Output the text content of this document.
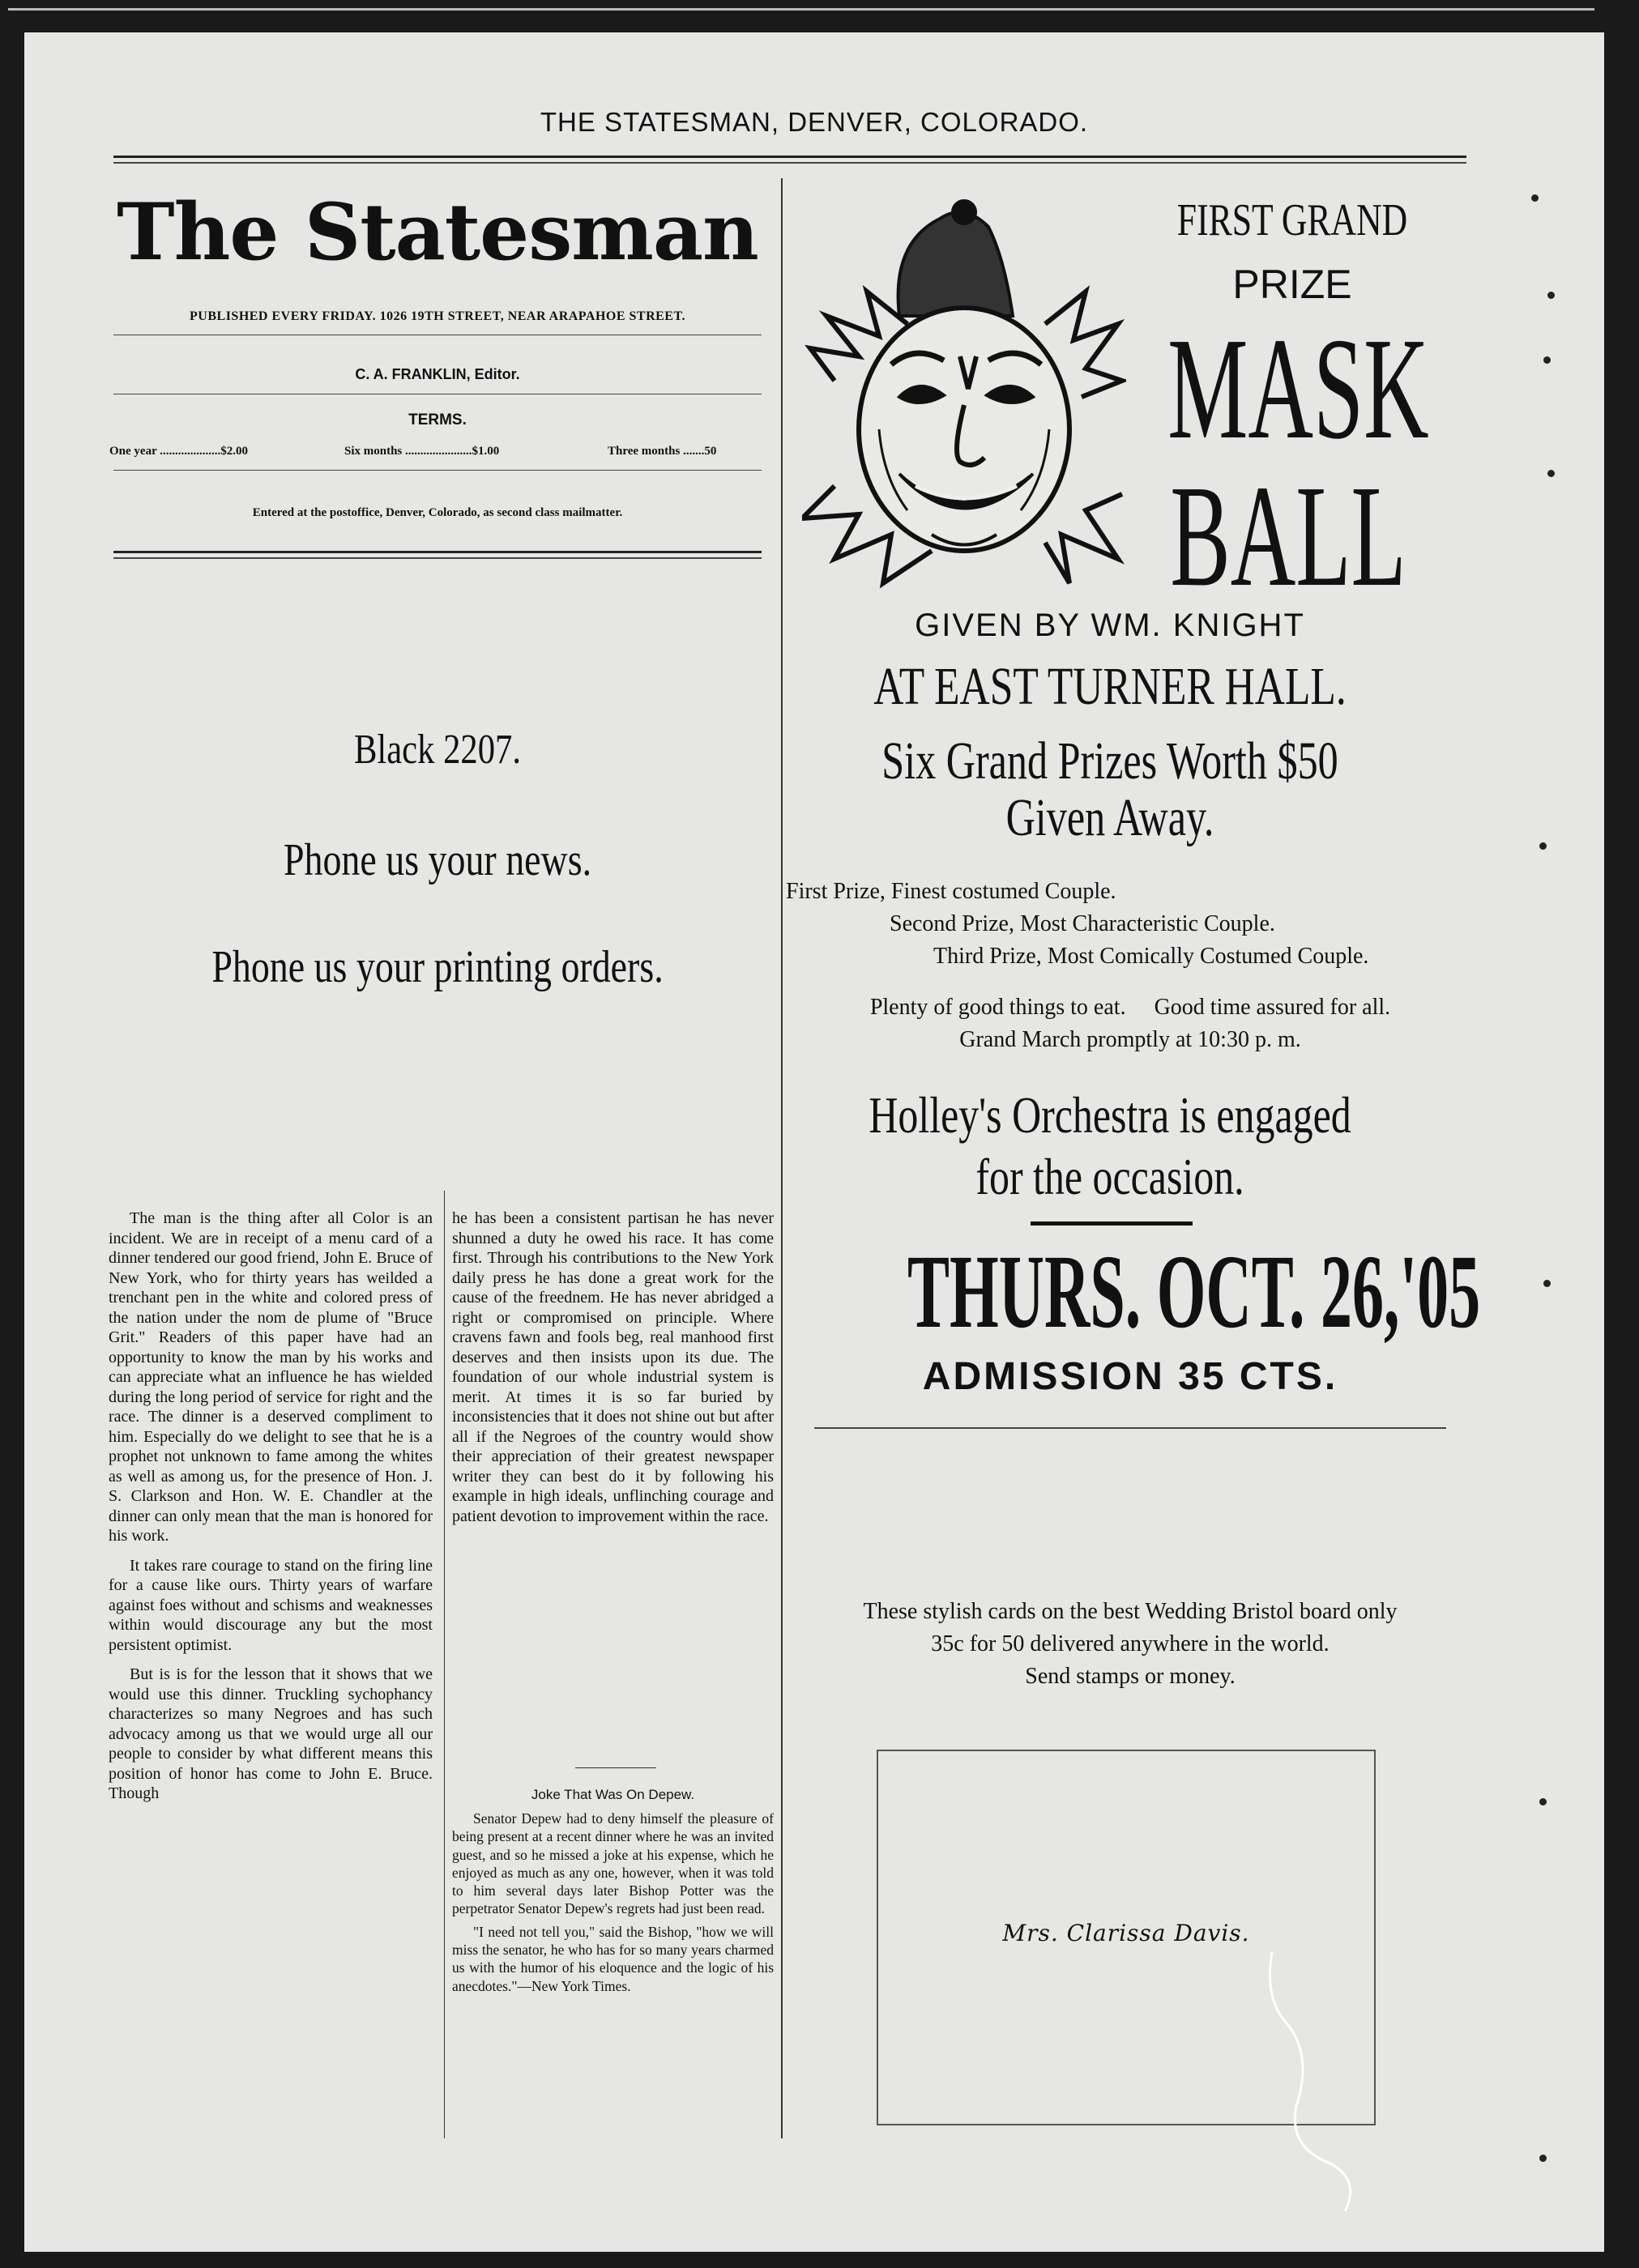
THE STATESMAN, DENVER, COLORADO.
The Statesman
PUBLISHED EVERY FRIDAY. 1026 19TH STREET, NEAR ARAPAHOE STREET.
C. A. FRANKLIN, Editor.
TERMS.
One year ....................$2.00	Six months ......................$1.00	Three months .......50
Entered at the postoffice, Denver, Colorado, as second class mailmatter.
Black 2207.
Phone us your news.
Phone us your printing orders.

The man is the thing after all Color is an incident. We are in receipt of a menu card of a dinner tendered our good friend, John E. Bruce of New York, who for thirty years has weilded a trenchant pen in the white and colored press of the nation under the nom de plume of "Bruce Grit." Readers of this paper have had an opportunity to know the man by his works and can appreciate what an influence he has wielded during the long period of service for right and the race. The dinner is a deserved compliment to him. Especially do we delight to see that he is a prophet not unknown to fame among the whites as well as among us, for the presence of Hon. J. S. Clarkson and Hon. W. E. Chandler at the dinner can only mean that the man is honored for his work.

It takes rare courage to stand on the firing line for a cause like ours. Thirty years of warfare against foes without and schisms and weaknesses within would discourage any but the most persistent optimist.

But is is for the lesson that it shows that we would use this dinner. Truckling sychophancy characterizes so many Negroes and has such advocacy among us that we would urge all our people to consider by what different means this position of honor has come to John E. Bruce. Though

he has been a consistent partisan he has never shunned a duty he owed his race. It has come first. Through his contributions to the New York daily press he has done a great work for the cause of the freednem. He has never abridged a right or compromised on principle. Where cravens fawn and fools beg, real manhood first deserves and then insists upon its due. The foundation of our whole industrial system is merit. At times it is so far buried by inconsistencies that it does not shine out but after all if the Negroes of the country would show their appreciation of their greatest newspaper writer they can best do it by following his example in high ideals, unflinching courage and patient devotion to improvement within the race.

Joke That Was On Depew.

Senator Depew had to deny himself the pleasure of being present at a recent dinner where he was an invited guest, and so he missed a joke at his expense, which he enjoyed as much as any one, however, when it was told to him several days later Bishop Potter was the perpetrator Senator Depew's regrets had just been read.

"I need not tell you," said the Bishop, "how we will miss the senator, he who has for so many years charmed us with the humor of his eloquence and the logic of his anecdotes."—New York Times.

FIRST GRAND
PRIZE
MASK
BALL
GIVEN BY WM. KNIGHT
AT EAST TURNER HALL.
Six Grand Prizes Worth $50
Given Away.
First Prize, Finest costumed Couple.
Second Prize, Most Characteristic Couple.
Third Prize, Most Comically Costumed Couple.
Plenty of good things to eat.     Good time assured for all.
Grand March promptly at 10:30 p. m.
Holley's Orchestra is engaged
for the occasion.
THURS. OCT. 26,'05
ADMISSION 35 CTS.
These stylish cards on the best Wedding Bristol board only
35c for 50 delivered anywhere in the world.
Send stamps or money.
Mrs. Clarissa Davis.
